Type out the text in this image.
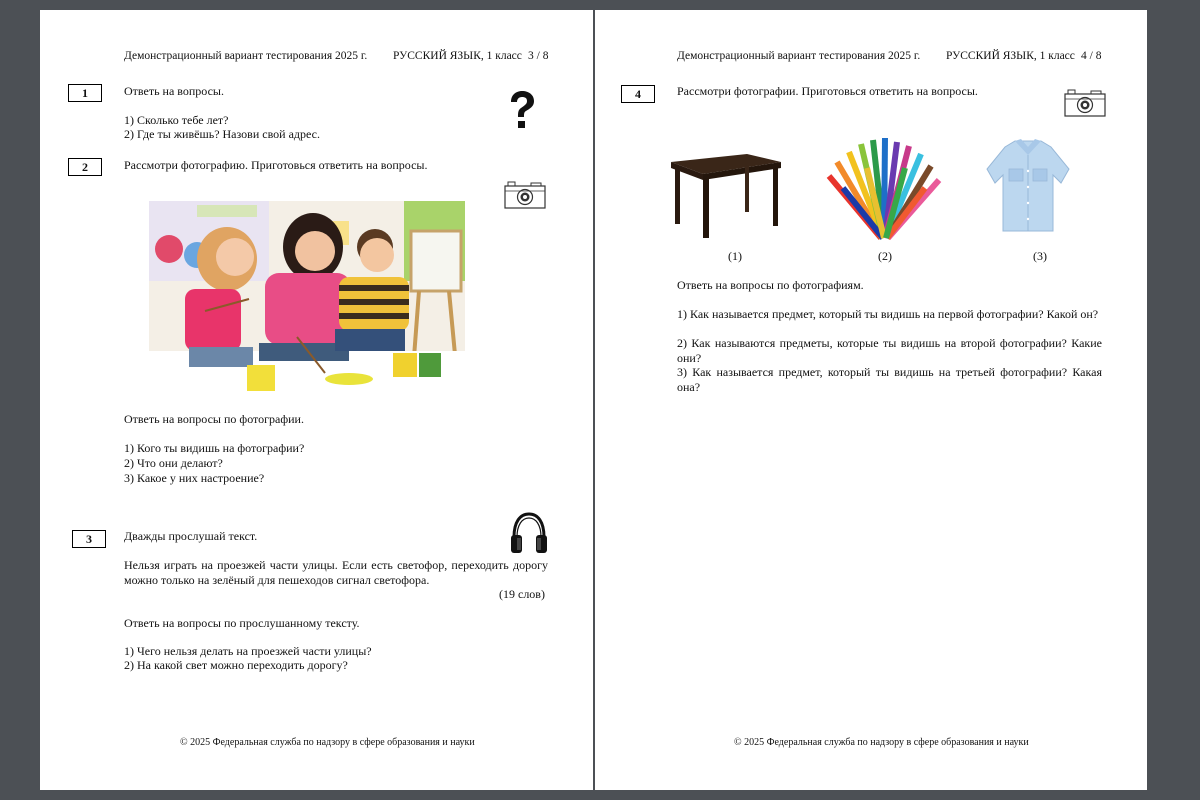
Демонстрационный вариант тестирования 2025 г. РУССКИЙ ЯЗЫК, 1 класс 3 / 8
1	Ответь на вопросы.
1) Сколько тебе лет?
2) Где ты живёшь? Назови свой адрес.
2	Рассмотри фотографию. Приготовься ответить на вопросы.
Ответь на вопросы по фотографии.
1) Кого ты видишь на фотографии?
2) Что они делают?
3) Какое у них настроение?
3	Дважды прослушай текст.
Нельзя играть на проезжей части улицы. Если есть светофор, переходить дорогу можно только на зелёный для пешеходов сигнал светофора.
(19 слов)
Ответь на вопросы по прослушанному тексту.
1) Чего нельзя делать на проезжей части улицы?
2) На какой свет можно переходить дорогу?
© 2025 Федеральная служба по надзору в сфере образования и науки
Демонстрационный вариант тестирования 2025 г. РУССКИЙ ЯЗЫК, 1 класс 4 / 8
4	Рассмотри фотографии. Приготовься ответить на вопросы.
(1)	(2)	(3)
Ответь на вопросы по фотографиям.
1) Как называется предмет, который ты видишь на первой фотографии? Какой он?
2) Как называются предметы, которые ты видишь на второй фотографии? Какие они?
3) Как называется предмет, который ты видишь на третьей фотографии? Какая она?
© 2025 Федеральная служба по надзору в сфере образования и науки
